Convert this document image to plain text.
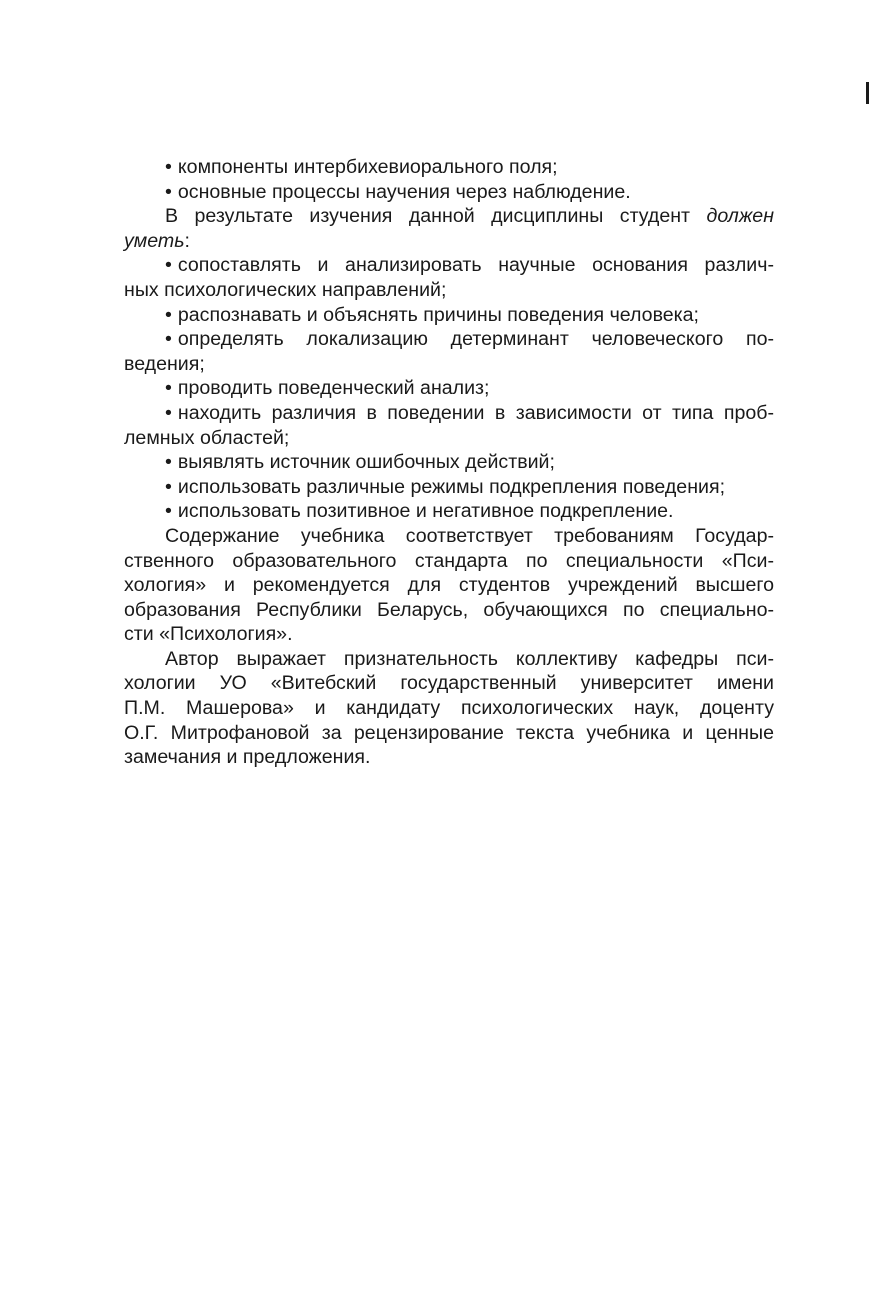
• компоненты интербихевиорального поля;
• основные процессы научения через наблюдение.
В результате изучения данной дисциплины студент должен
уметь:
• сопоставлять и анализировать научные основания различ-
ных психологических направлений;
• распознавать и объяснять причины поведения человека;
• определять локализацию детерминант человеческого по-
ведения;
• проводить поведенческий анализ;
• находить различия в поведении в зависимости от типа проб-
лемных областей;
• выявлять источник ошибочных действий;
• использовать различные режимы подкрепления поведения;
• использовать позитивное и негативное подкрепление.
Содержание учебника соответствует требованиям Государ-
ственного образовательного стандарта по специальности «Пси-
хология» и рекомендуется для студентов учреждений высшего
образования Республики Беларусь, обучающихся по специально-
сти «Психология».
Автор выражает признательность коллективу кафедры пси-
хологии УО «Витебский государственный университет имени
П.М. Машерова» и кандидату психологических наук, доценту
О.Г. Митрофановой за рецензирование текста учебника и ценные
замечания и предложения.
